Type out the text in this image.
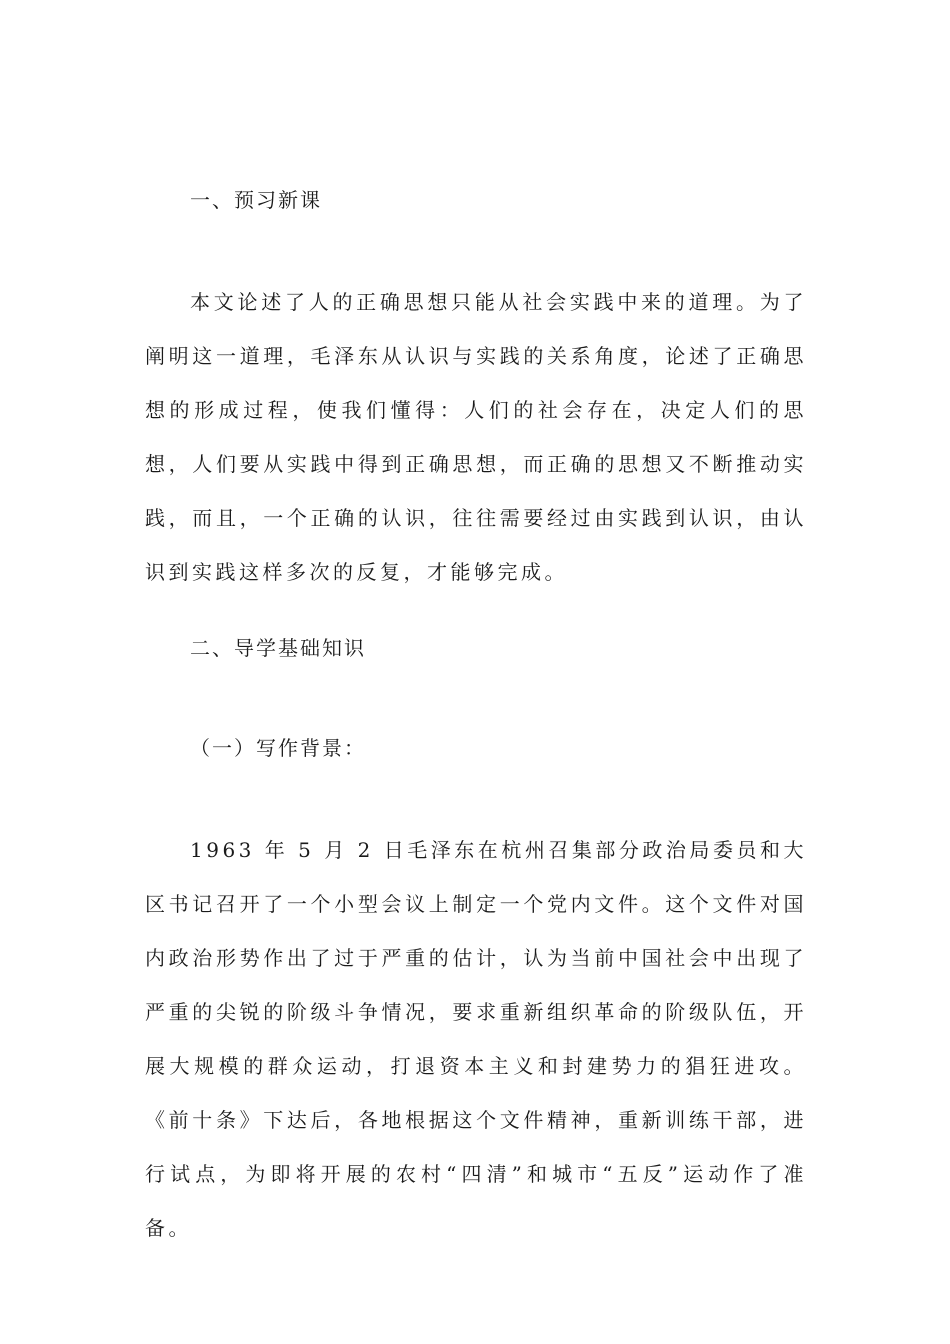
一、预习新课

本文论述了人的正确思想只能从社会实践中来的道理。为了阐明这一道理，毛泽东从认识与实践的关系角度，论述了正确思想的形成过程，使我们懂得：人们的社会存在，决定人们的思想，人们要从实践中得到正确思想，而正确的思想又不断推动实践，而且，一个正确的认识，往往需要经过由实践到认识，由认识到实践这样多次的反复，才能够完成。

二、导学基础知识
（一）写作背景：

1963 年 5 月 2 日毛泽东在杭州召集部分政治局委员和大区书记召开了一个小型会议上制定一个党内文件。这个文件对国内政治形势作出了过于严重的估计，认为当前中国社会中出现了严重的尖锐的阶级斗争情况，要求重新组织革命的阶级队伍，开展大规模的群众运动，打退资本主义和封建势力的猖狂进攻。《前十条》下达后，各地根据这个文件精神，重新训练干部，进行试点，为即将开展的农村“四清”和城市“五反”运动作了准备。
